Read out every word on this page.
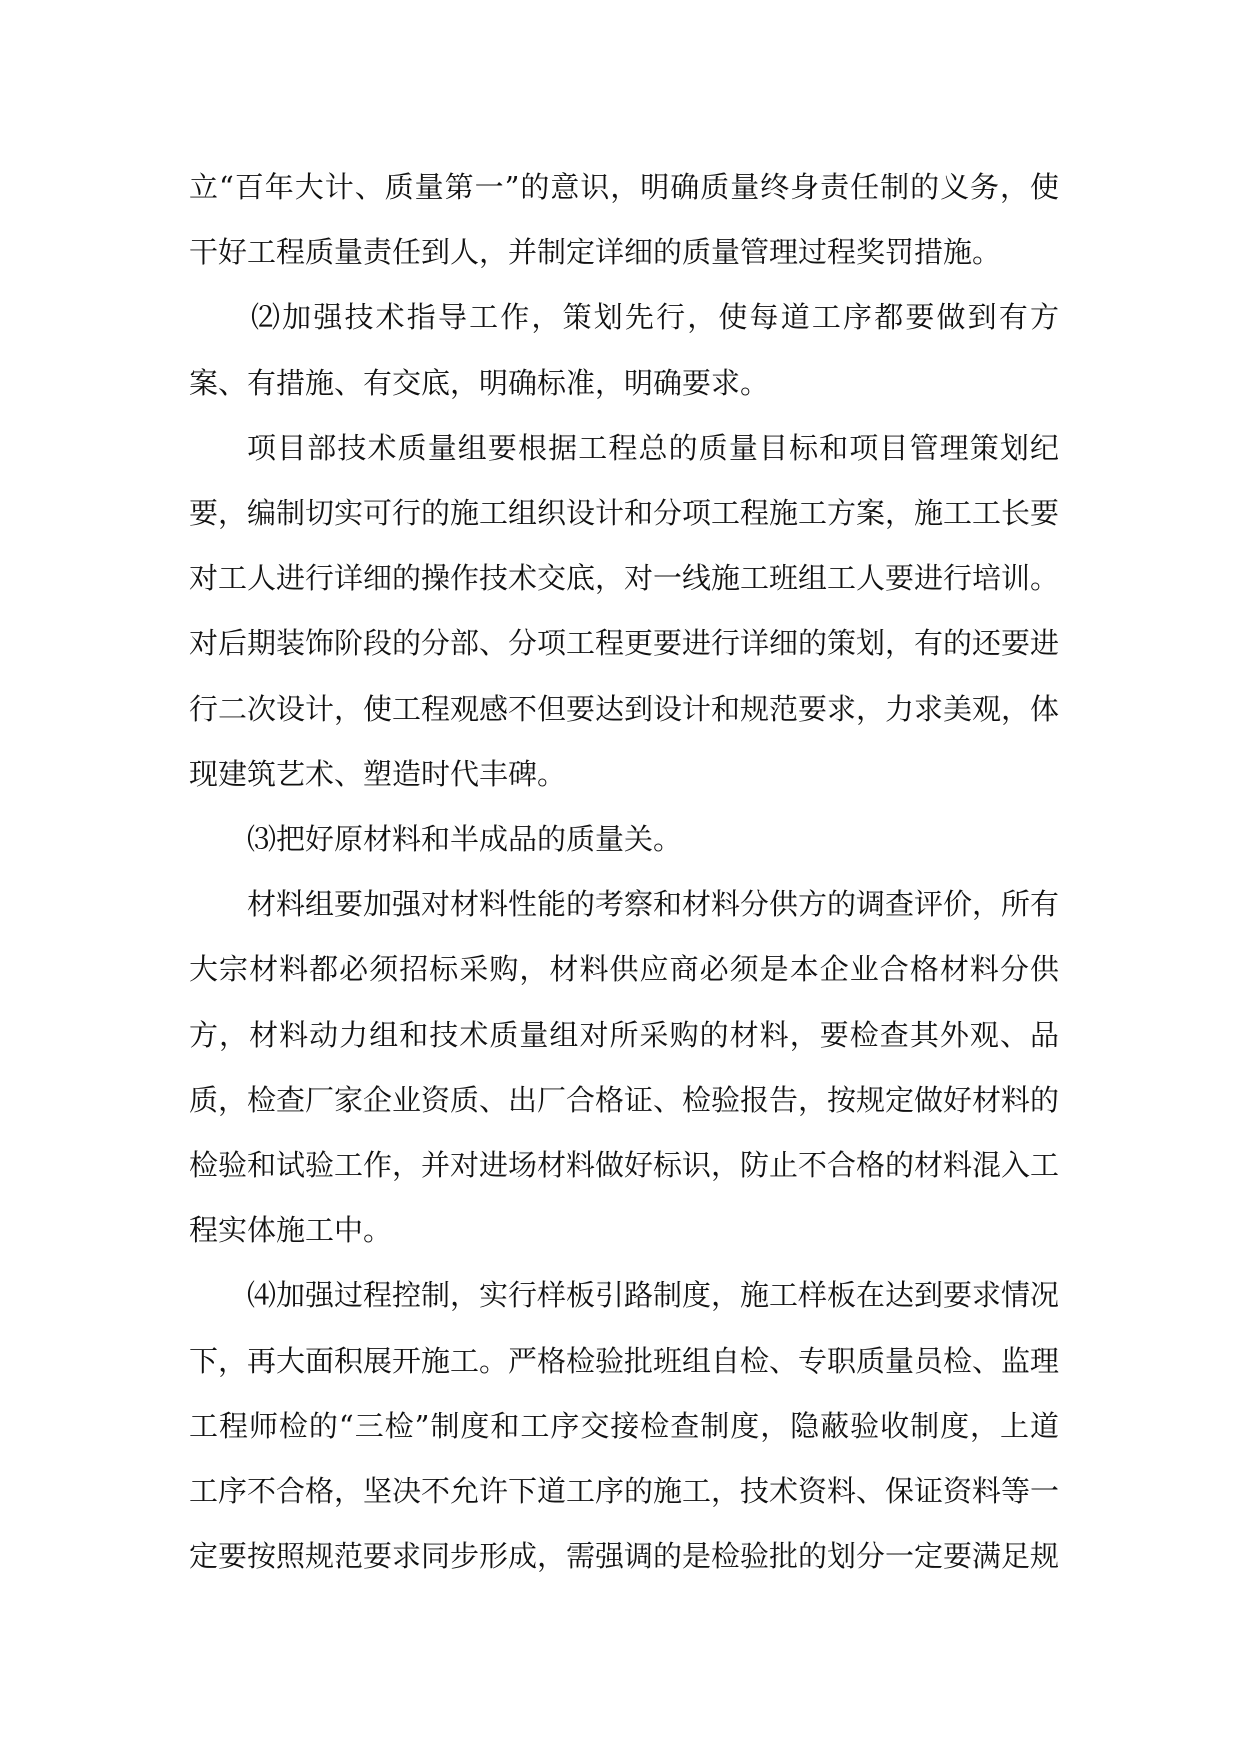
立“百年大计、质量第一”的意识，明确质量终身责任制的义务，使干好工程质量责任到人，并制定详细的质量管理过程奖罚措施。

⑵加强技术指导工作，策划先行，使每道工序都要做到有方案、有措施、有交底，明确标准，明确要求。

项目部技术质量组要根据工程总的质量目标和项目管理策划纪要，编制切实可行的施工组织设计和分项工程施工方案，施工工长要对工人进行详细的操作技术交底，对一线施工班组工人要进行培训。对后期装饰阶段的分部、分项工程更要进行详细的策划，有的还要进行二次设计，使工程观感不但要达到设计和规范要求，力求美观，体现建筑艺术、塑造时代丰碑。

⑶把好原材料和半成品的质量关。

材料组要加强对材料性能的考察和材料分供方的调查评价，所有大宗材料都必须招标采购，材料供应商必须是本企业合格材料分供方，材料动力组和技术质量组对所采购的材料，要检查其外观、品质，检查厂家企业资质、出厂合格证、检验报告，按规定做好材料的检验和试验工作，并对进场材料做好标识，防止不合格的材料混入工程实体施工中。

⑷加强过程控制，实行样板引路制度，施工样板在达到要求情况下，再大面积展开施工。严格检验批班组自检、专职质量员检、监理工程师检的“三检”制度和工序交接检查制度，隐蔽验收制度，上道工序不合格，坚决不允许下道工序的施工，技术资料、保证资料等一定要按照规范要求同步形成，需强调的是检验批的划分一定要满足规
